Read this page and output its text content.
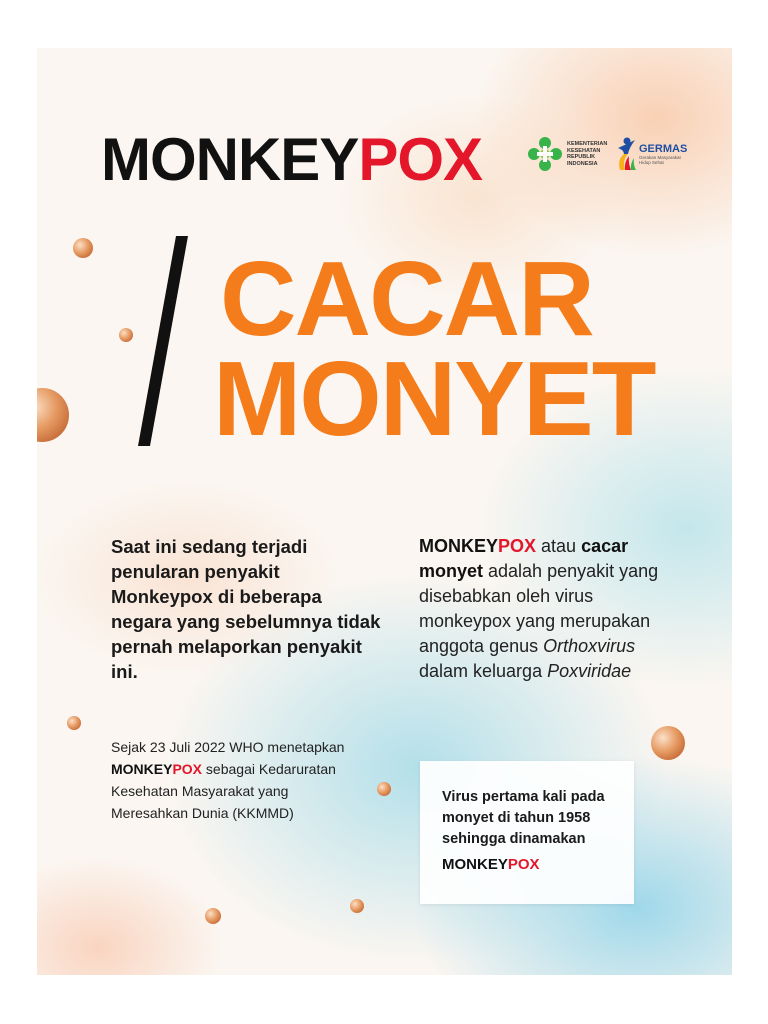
MONKEYPOX	KEMENTERIAN
KESEHATAN
REPUBLIK
INDONESIA
GERMAS
Gerakan Masyarakat
Hidup Sehat
CACAR
MONYET
Saat ini sedang terjadi penularan penyakit Monkeypox di beberapa negara yang sebelumnya tidak pernah melaporkan penyakit ini.
Sejak 23 Juli 2022 WHO menetapkan MONKEYPOX sebagai Kedaruratan Kesehatan Masyarakat yang Meresahkan Dunia (KKMMD)
MONKEYPOX atau cacar monyet adalah penyakit yang disebabkan oleh virus monkeypox yang merupakan anggota genus Orthoxvirus dalam keluarga Poxviridae
Virus pertama kali pada monyet di tahun 1958 sehingga dinamakan
MONKEYPOX
